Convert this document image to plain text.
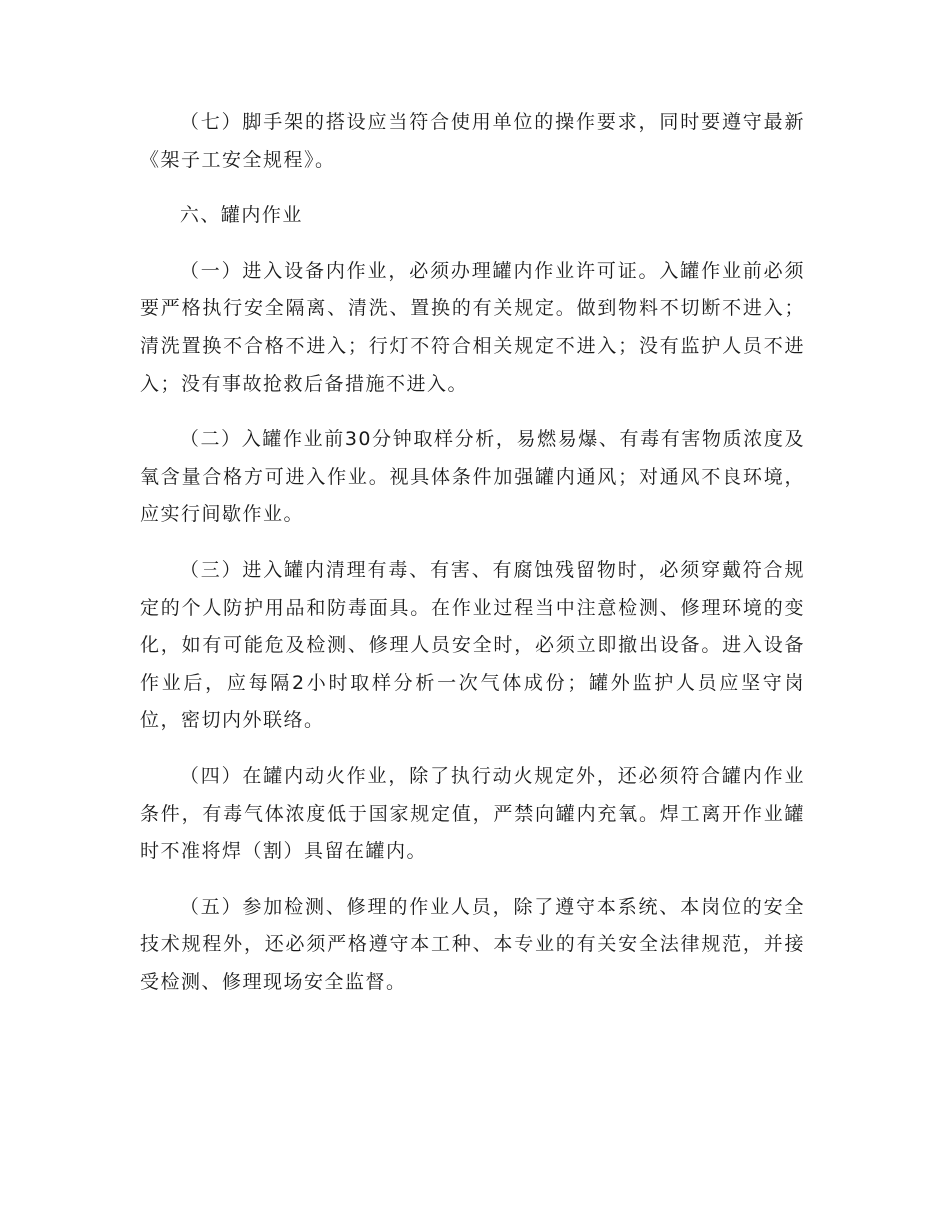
（七）脚手架的搭设应当符合使用单位的操作要求，同时要遵守最新《架子工安全规程》。

六、罐内作业

（一）进入设备内作业，必须办理罐内作业许可证。入罐作业前必须要严格执行安全隔离、清洗、置换的有关规定。做到物料不切断不进入；清洗置换不合格不进入；行灯不符合相关规定不进入；没有监护人员不进入；没有事故抢救后备措施不进入。

（二）入罐作业前30分钟取样分析，易燃易爆、有毒有害物质浓度及氧含量合格方可进入作业。视具体条件加强罐内通风；对通风不良环境，应实行间歇作业。

（三）进入罐内清理有毒、有害、有腐蚀残留物时，必须穿戴符合规定的个人防护用品和防毒面具。在作业过程当中注意检测、修理环境的变化，如有可能危及检测、修理人员安全时，必须立即撤出设备。进入设备作业后，应每隔2小时取样分析一次气体成份；罐外监护人员应坚守岗位，密切内外联络。

（四）在罐内动火作业，除了执行动火规定外，还必须符合罐内作业条件，有毒气体浓度低于国家规定值，严禁向罐内充氧。焊工离开作业罐时不准将焊（割）具留在罐内。

（五）参加检测、修理的作业人员，除了遵守本系统、本岗位的安全技术规程外，还必须严格遵守本工种、本专业的有关安全法律规范，并接受检测、修理现场安全监督。
